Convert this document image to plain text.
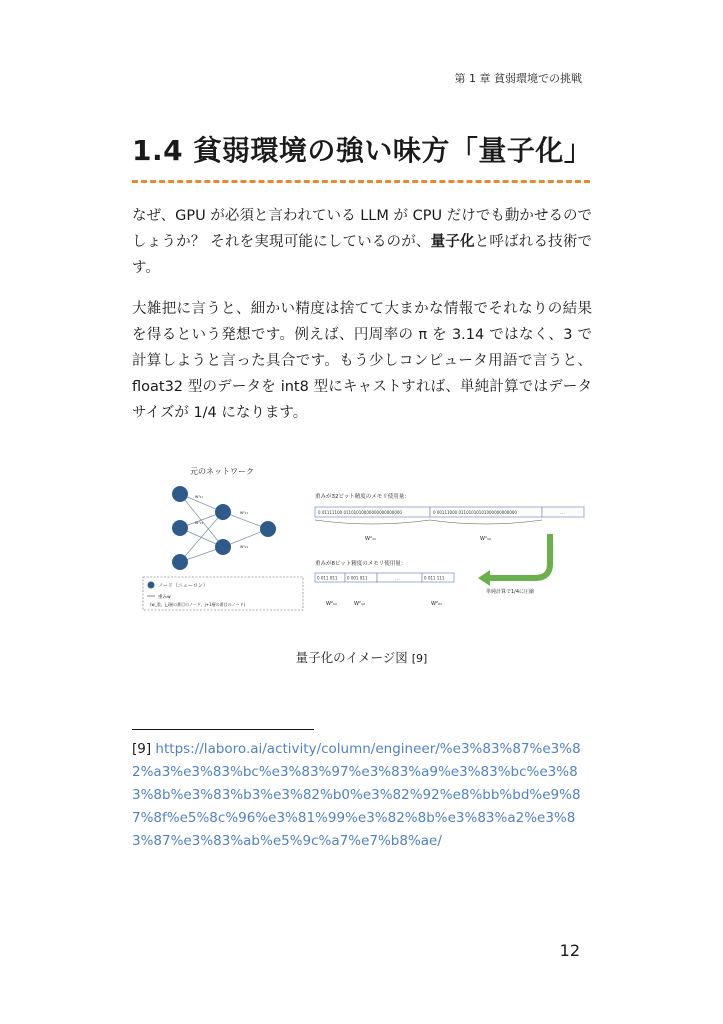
第 1 章 貧弱環境での挑戦
1.4 貧弱環境の強い味方「量子化」
なぜ、GPU が必須と言われている LLM が CPU だけでも動かせるのでしょうか？ それを実現可能にしているのが、量子化と呼ばれる技術です。
大雑把に言うと、細かい精度は捨てて大まかな情報でそれなりの結果を得るという発想です。例えば、円周率の π を 3.14 ではなく、3 で計算しようと言った具合です。もう少しコンピュータ用語で言うと、float32 型のデータを int8 型にキャストすれば、単純計算ではデータサイズが 1/4 になります。
元のネットワーク
w¹₁₁
w¹₂₁
w²₁₁
w²₂₁
ノード（ニューロン）
重みw
(w_重、j_i層の番目のノード、j+1層の番目のノード)
重みが32ビット精度のメモリ使用量：
0 01111100 01101010000000000000000	0 00111000 01101010101000000000000	…
W¹₁₁	W¹₁₂
重みが8ビット精度のメモリ使用量：
0 011 011 0 001 011	…	0 011 111
W²₁₁	W²₁₂	W²₂₁
単純計算で1/4に圧縮
量子化のイメージ図 [9]
[9] https://laboro.ai/activity/column/engineer/%e3%83%87%e3%82%a3%e3%83%bc%e3%83%97%e3%83%a9%e3%83%bc%e3%83%8b%e3%83%b3%e3%82%b0%e3%82%92%e8%bb%bd%e9%87%8f%e5%8c%96%e3%81%99%e3%82%8b%e3%83%a2%e3%83%87%e3%83%ab%e5%9c%a7%e7%b8%ae/
12
